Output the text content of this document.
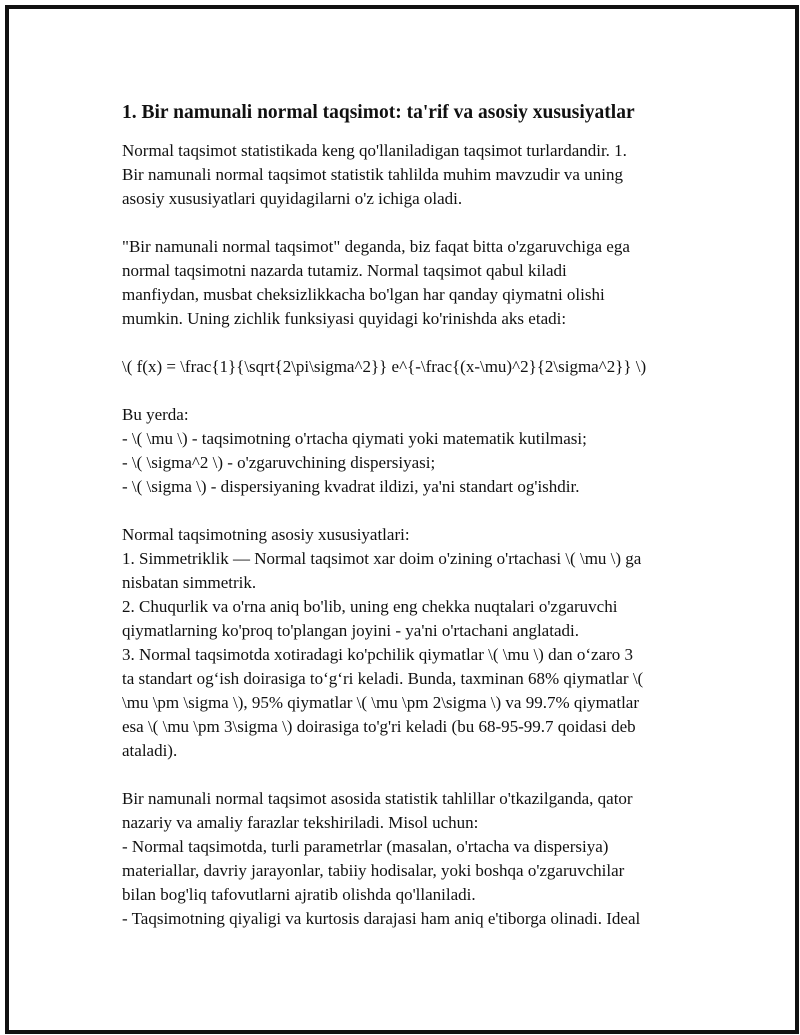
1. Bir namunali normal taqsimot: ta'rif va asosiy xususiyatlar
Normal taqsimot statistikada keng qo'llaniladigan taqsimot turlardandir. 1.
Bir namunali normal taqsimot statistik tahlilda muhim mavzudir va uning
asosiy xususiyatlari quyidagilarni o'z ichiga oladi.
"Bir namunali normal taqsimot" deganda, biz faqat bitta o'zgaruvchiga ega
normal taqsimotni nazarda tutamiz. Normal taqsimot qabul kiladi
manfiydan, musbat cheksizlikkacha bo'lgan har qanday qiymatni olishi
mumkin. Uning zichlik funksiyasi quyidagi ko'rinishda aks etadi:
\( f(x) = \frac{1}{\sqrt{2\pi\sigma^2}} e^{-\frac{(x-\mu)^2}{2\sigma^2}} \)
Bu yerda:
- \( \mu \) - taqsimotning o'rtacha qiymati yoki matematik kutilmasi;
- \( \sigma^2 \) - o'zgaruvchining dispersiyasi;
- \( \sigma \) - dispersiyaning kvadrat ildizi, ya'ni standart og'ishdir.
Normal taqsimotning asosiy xususiyatlari:
1. Simmetriklik — Normal taqsimot xar doim o'zining o'rtachasi \( \mu \) ga
nisbatan simmetrik.
2. Chuqurlik va o'rna aniq bo'lib, uning eng chekka nuqtalari o'zgaruvchi
qiymatlarning ko'proq to'plangan joyini - ya'ni o'rtachani anglatadi.
3. Normal taqsimotda xotiradagi ko'pchilik qiymatlar \( \mu \) dan o‘zaro 3
ta standart og‘ish doirasiga to‘g‘ri keladi. Bunda, taxminan 68% qiymatlar \(
\mu \pm \sigma \), 95% qiymatlar \( \mu \pm 2\sigma \) va 99.7% qiymatlar
esa \( \mu \pm 3\sigma \) doirasiga to'g'ri keladi (bu 68-95-99.7 qoidasi deb
ataladi).
Bir namunali normal taqsimot asosida statistik tahlillar o'tkazilganda, qator
nazariy va amaliy farazlar tekshiriladi. Misol uchun:
- Normal taqsimotda, turli parametrlar (masalan, o'rtacha va dispersiya)
materiallar, davriy jarayonlar, tabiiy hodisalar, yoki boshqa o'zgaruvchilar
bilan bog'liq tafovutlarni ajratib olishda qo'llaniladi.
- Taqsimotning qiyaligi va kurtosis darajasi ham aniq e'tiborga olinadi. Ideal
